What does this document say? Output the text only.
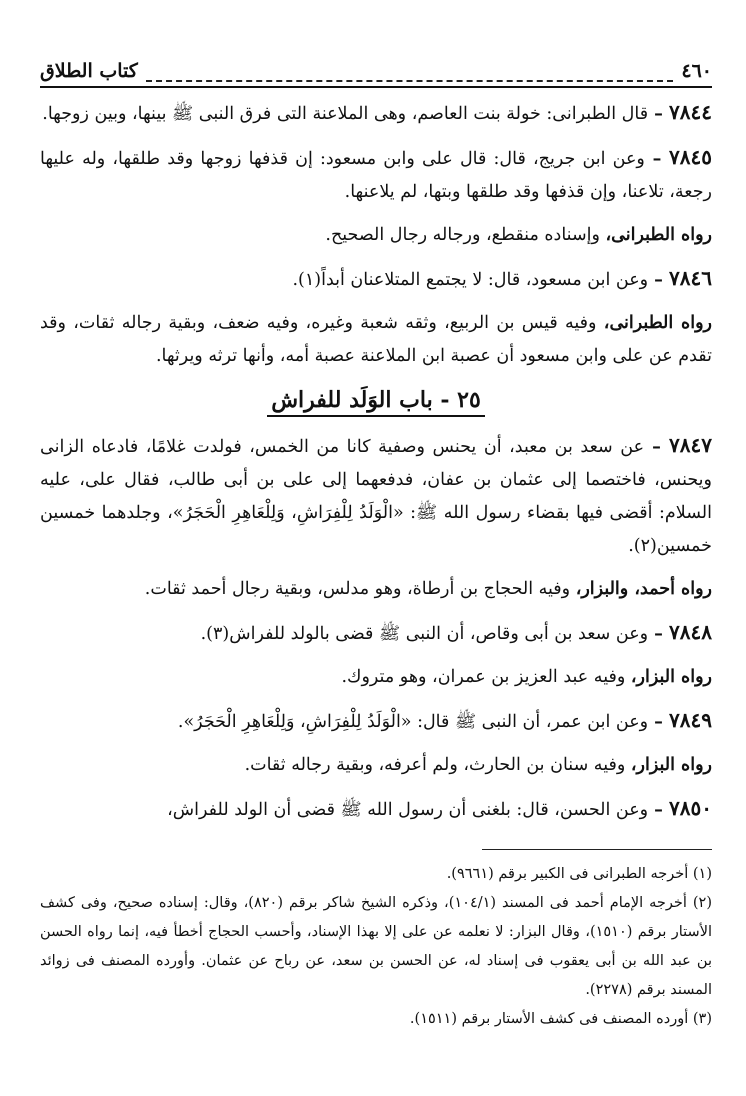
٤٦٠
كتاب الطلاق

٧٨٤٤ – قال الطبرانى: خولة بنت العاصم، وهى الملاعنة التى فرق النبى ﷺ بينها، وبين زوجها.

٧٨٤٥ – وعن ابن جريج، قال: قال على وابن مسعود: إن قذفها زوجها وقد طلقها، وله عليها رجعة، تلاعنا، وإن قذفها وقد طلقها وبتها، لم يلاعنها.

رواه الطبرانى، وإسناده منقطع، ورجاله رجال الصحيح.

٧٨٤٦ – وعن ابن مسعود، قال: لا يجتمع المتلاعنان أبداً(١).

رواه الطبرانى، وفيه قيس بن الربيع، وثقه شعبة وغيره، وفيه ضعف، وبقية رجاله ثقات، وقد تقدم عن على وابن مسعود أن عصبة ابن الملاعنة عصبة أمه، وأنها ترثه ويرثها.

٢٥ - باب الوَلَد للفراش

٧٨٤٧ – عن سعد بن معبد، أن يحنس وصفية كانا من الخمس، فولدت غلامًا، فادعاه الزانى ويحنس، فاختصما إلى عثمان بن عفان، فدفعهما إلى على بن أبى طالب، فقال على، عليه السلام: أقضى فيها بقضاء رسول الله ﷺ: «الْوَلَدُ لِلْفِرَاشِ، وَلِلْعَاهِرِ الْحَجَرُ»، وجلدهما خمسين خمسين(٢).

رواه أحمد، والبزار، وفيه الحجاج بن أرطاة، وهو مدلس، وبقية رجال أحمد ثقات.

٧٨٤٨ – وعن سعد بن أبى وقاص، أن النبى ﷺ قضى بالولد للفراش(٣).

رواه البزار، وفيه عبد العزيز بن عمران، وهو متروك.

٧٨٤٩ – وعن ابن عمر، أن النبى ﷺ قال: «الْوَلَدُ لِلْفِرَاشِ، وَلِلْعَاهِرِ الْحَجَرُ».

رواه البزار، وفيه سنان بن الحارث، ولم أعرفه، وبقية رجاله ثقات.

٧٨٥٠ – وعن الحسن، قال: بلغنى أن رسول الله ﷺ قضى أن الولد للفراش،

(١) أخرجه الطبرانى فى الكبير برقم (٩٦٦١).

(٢) أخرجه الإمام أحمد فى المسند (١٠٤/١)، وذكره الشيخ شاكر برقم (٨٢٠)، وقال: إسناده صحيح، وفى كشف الأستار برقم (١٥١٠)، وقال البزار: لا نعلمه عن على إلا بهذا الإسناد، وأحسب الحجاج أخطأ فيه، إنما رواه الحسن بن عبد الله بن أبى يعقوب فى إسناد له، عن الحسن بن سعد، عن رباح عن عثمان. وأورده المصنف فى زوائد المسند برقم (٢٢٧٨).

(٣) أورده المصنف فى كشف الأستار برقم (١٥١١).
